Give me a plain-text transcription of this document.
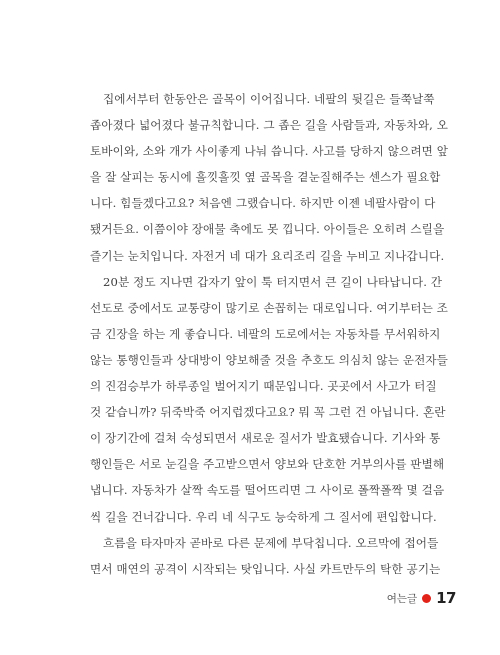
집에서부터 한동안은 골목이 이어집니다. 네팔의 뒷길은 들쭉날쭉
좁아졌다 넓어졌다 불규칙합니다. 그 좁은 길을 사람들과, 자동차와, 오
토바이와, 소와 개가 사이좋게 나눠 씁니다. 사고를 당하지 않으려면 앞
을 잘 살피는 동시에 흘낏흘낏 옆 골목을 곁눈질해주는 센스가 필요합
니다. 힘들겠다고요? 처음엔 그랬습니다. 하지만 이젠 네팔사람이 다
됐거든요. 이쯤이야 장애물 축에도 못 낍니다. 아이들은 오히려 스릴을
즐기는 눈치입니다. 자전거 네 대가 요리조리 길을 누비고 지나갑니다.
20분 정도 지나면 갑자기 앞이 툭 터지면서 큰 길이 나타납니다. 간
선도로 중에서도 교통량이 많기로 손꼽히는 대로입니다. 여기부터는 조
금 긴장을 하는 게 좋습니다. 네팔의 도로에서는 자동차를 무서워하지
않는 통행인들과 상대방이 양보해줄 것을 추호도 의심치 않는 운전자들
의 진검승부가 하루종일 벌어지기 때문입니다. 곳곳에서 사고가 터질
것 같습니까? 뒤죽박죽 어지럽겠다고요? 뭐 꼭 그런 건 아닙니다. 혼란
이 장기간에 걸쳐 숙성되면서 새로운 질서가 발효됐습니다. 기사와 통
행인들은 서로 눈길을 주고받으면서 양보와 단호한 거부의사를 판별해
냅니다. 자동차가 살짝 속도를 떨어뜨리면 그 사이로 폴짝폴짝 몇 걸음
씩 길을 건너갑니다. 우리 네 식구도 능숙하게 그 질서에 편입합니다.
흐름을 타자마자 곧바로 다른 문제에 부닥칩니다. 오르막에 접어들
면서 매연의 공격이 시작되는 탓입니다. 사실 카트만두의 탁한 공기는
여는글 17
